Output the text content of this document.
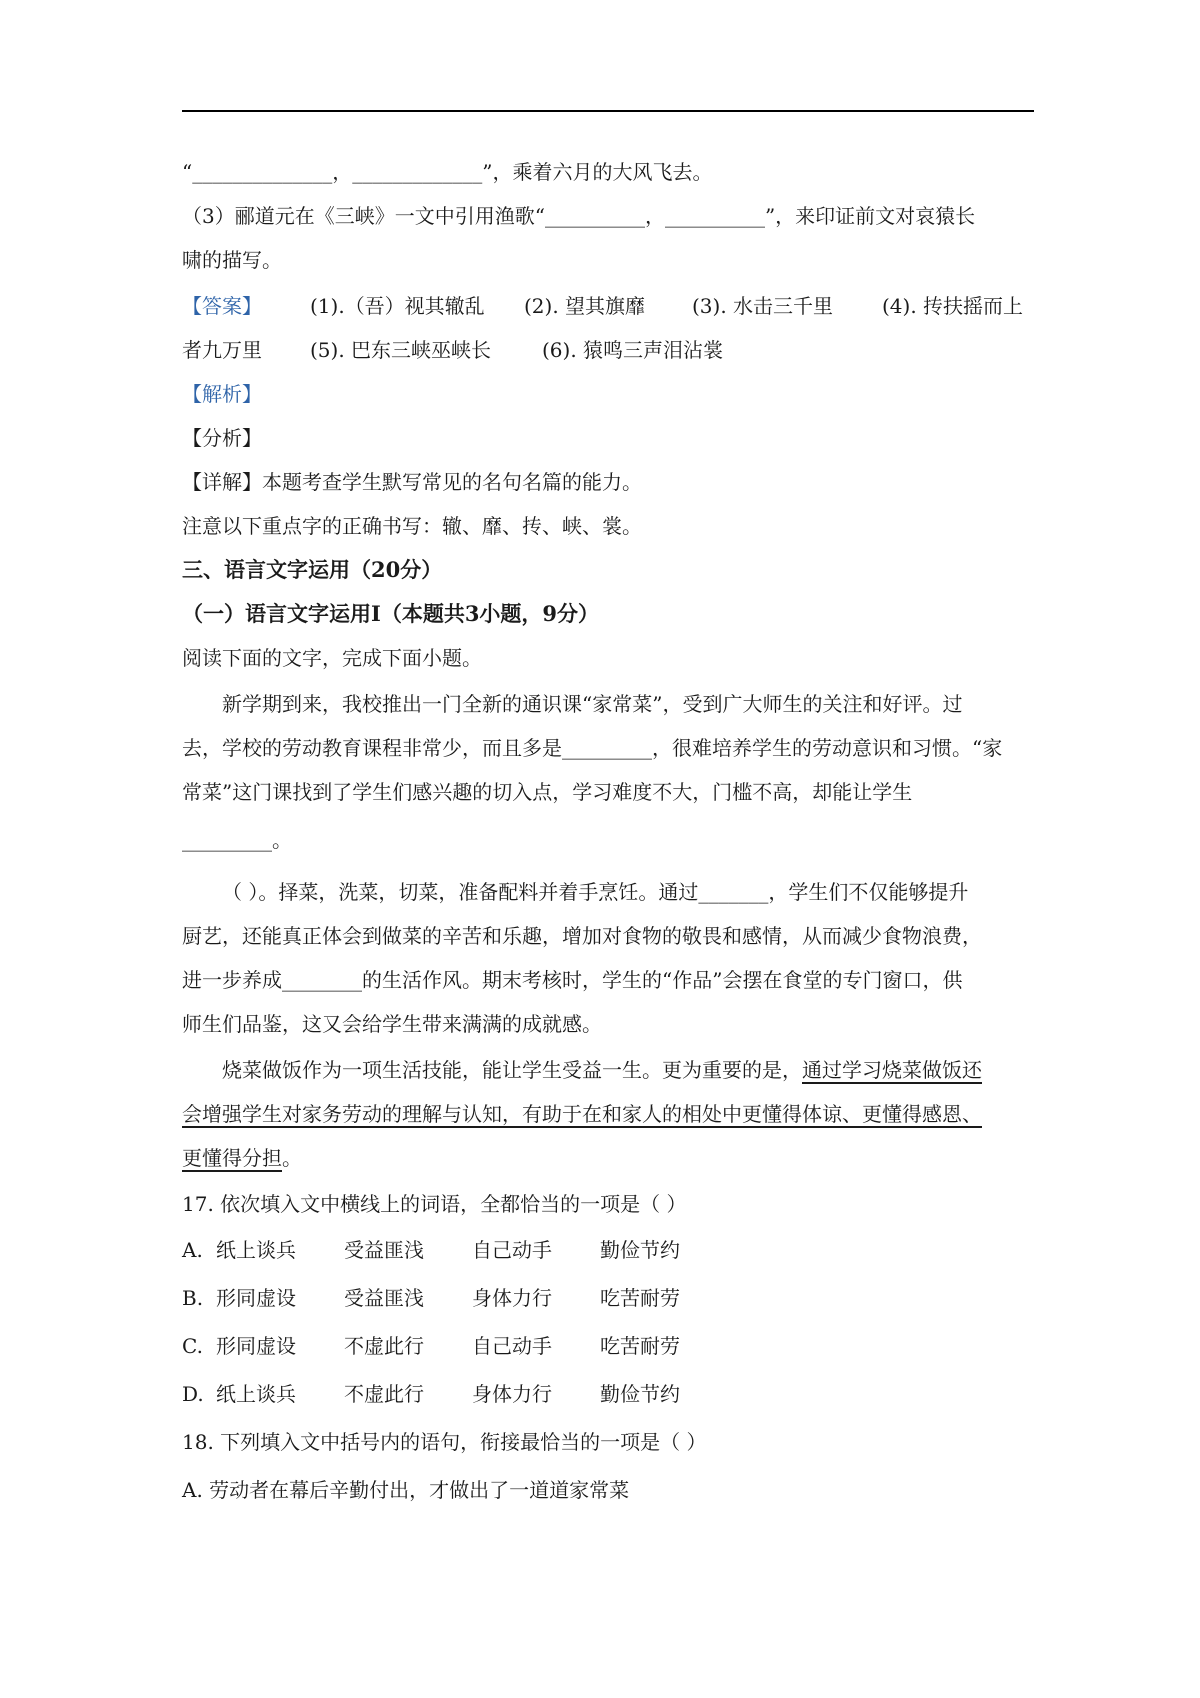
“______________，_____________”，乘着六月的大风飞去。
（3）郦道元在《三峡》一文中引用渔歌“__________，__________”，来印证前文对哀猿长
啸的描写。
【答案】 (1).（吾）视其辙乱 (2). 望其旗靡 (3). 水击三千里 (4). 抟扶摇而上
者九万里 (5). 巴东三峡巫峡长	(6). 猿鸣三声泪沾裳
【解析】
【分析】
【详解】本题考查学生默写常见的名句名篇的能力。
注意以下重点字的正确书写：辙、靡、抟、峡、裳。
三、语言文字运用（20分）
（一）语言文字运用Ⅰ（本题共3小题，9分）
阅读下面的文字，完成下面小题。
新学期到来，我校推出一门全新的通识课“家常菜”，受到广大师生的关注和好评。过
去，学校的劳动教育课程非常少，而且多是_________，很难培养学生的劳动意识和习惯。“家
常菜”这门课找到了学生们感兴趣的切入点，学习难度不大，门槛不高，却能让学生
_________。
（ ）。择菜，洗菜，切菜，准备配料并着手烹饪。通过_______，学生们不仅能够提升
厨艺，还能真正体会到做菜的辛苦和乐趣，增加对食物的敬畏和感情，从而减少食物浪费，
进一步养成________的生活作风。期末考核时，学生的“作品”会摆在食堂的专门窗口，供
师生们品鉴，这又会给学生带来满满的成就感。
烧菜做饭作为一项生活技能，能让学生受益一生。更为重要的是，通过学习烧菜做饭还
会增强学生对家务劳动的理解与认知，有助于在和家人的相处中更懂得体谅、更懂得感恩、
更懂得分担。
17. 依次填入文中横线上的词语，全都恰当的一项是（ ）
A. 纸上谈兵 受益匪浅 自己动手 勤俭节约
B. 形同虚设 受益匪浅 身体力行 吃苦耐劳
C. 形同虚设 不虚此行 自己动手 吃苦耐劳
D. 纸上谈兵 不虚此行 身体力行 勤俭节约
18. 下列填入文中括号内的语句，衔接最恰当的一项是（ ）
A. 劳动者在幕后辛勤付出，才做出了一道道家常菜
